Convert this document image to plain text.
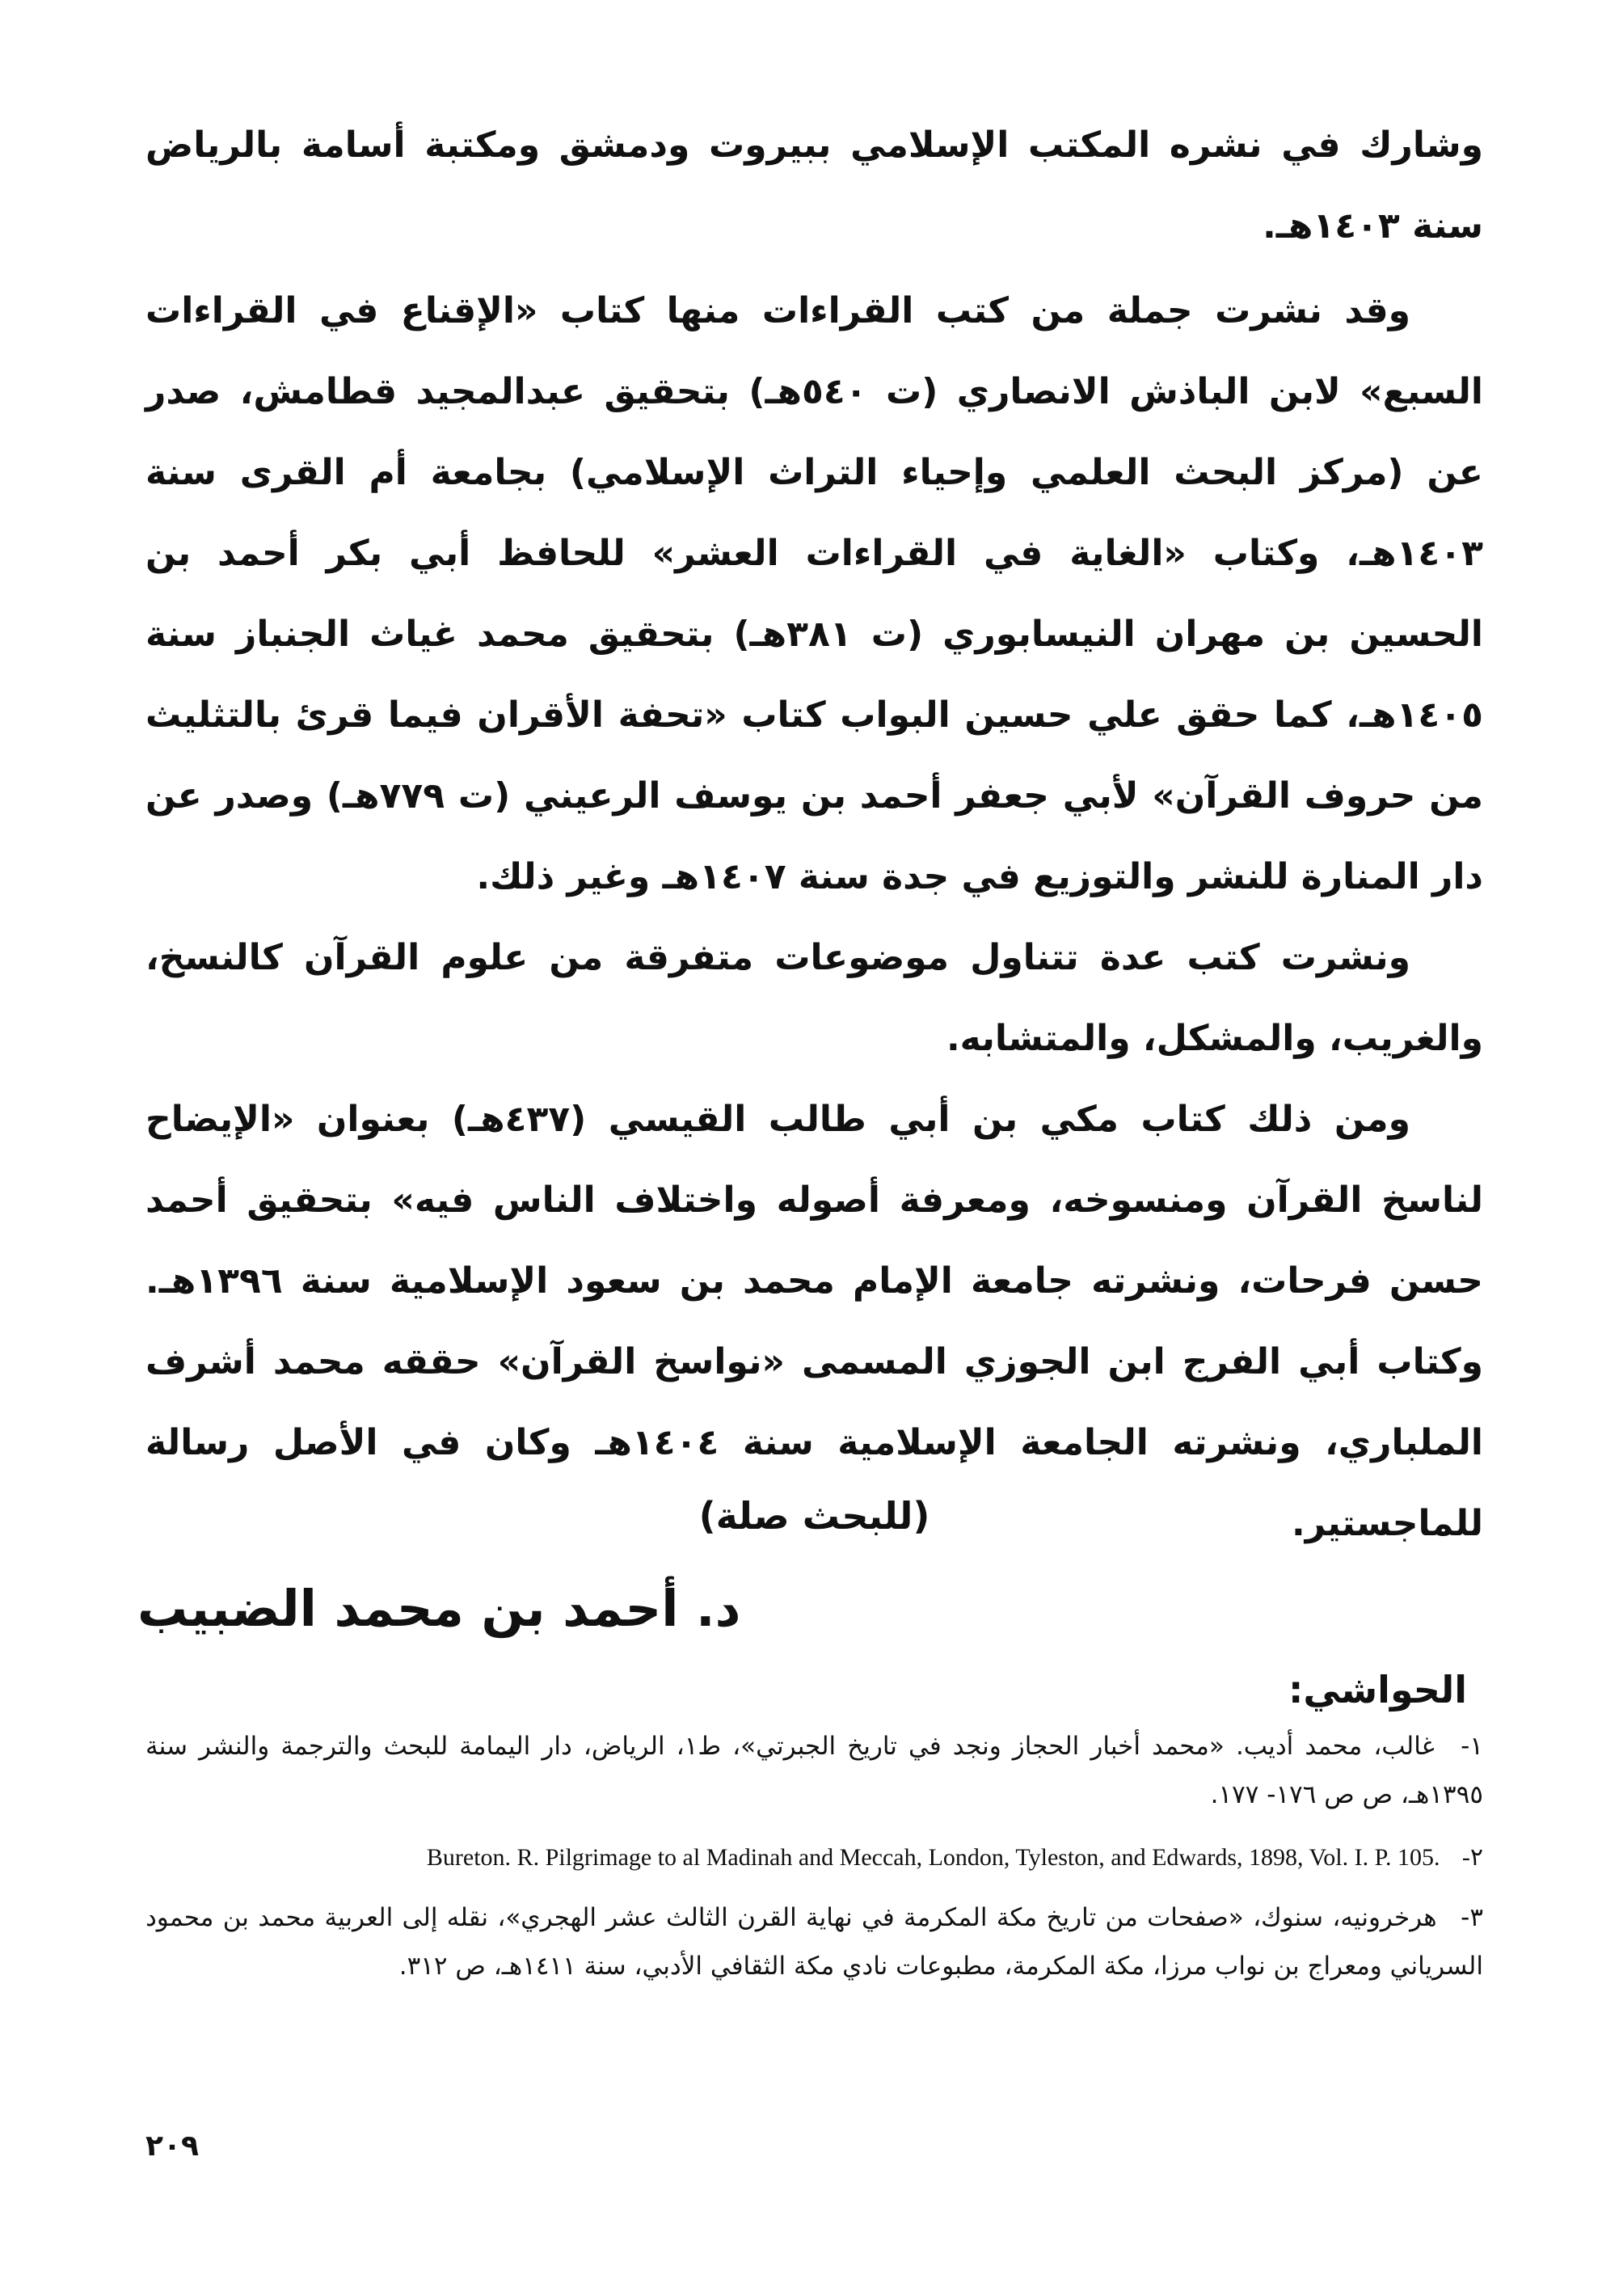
وشارك في نشره المكتب الإسلامي ببيروت ودمشق ومكتبة أسامة بالرياض سنة ١٤٠٣هـ.

وقد نشرت جملة من كتب القراءات منها كتاب «الإقناع في القراءات السبع» لابن الباذش الانصاري (ت ٥٤٠هـ) بتحقيق عبدالمجيد قطامش، صدر عن (مركز البحث العلمي وإحياء التراث الإسلامي) بجامعة أم القرى سنة ١٤٠٣هـ، وكتاب «الغاية في القراءات العشر» للحافظ أبي بكر أحمد بن الحسين بن مهران النيسابوري (ت ٣٨١هـ) بتحقيق محمد غياث الجنباز سنة ١٤٠٥هـ، كما حقق علي حسين البواب كتاب «تحفة الأقران فيما قرئ بالتثليث من حروف القرآن» لأبي جعفر أحمد بن يوسف الرعيني (ت ٧٧٩هـ) وصدر عن دار المنارة للنشر والتوزيع في جدة سنة ١٤٠٧هـ وغير ذلك.

ونشرت كتب عدة تتناول موضوعات متفرقة من علوم القرآن كالنسخ، والغريب، والمشكل، والمتشابه.

ومن ذلك كتاب مكي بن أبي طالب القيسي (٤٣٧هـ) بعنوان «الإيضاح لناسخ القرآن ومنسوخه، ومعرفة أصوله واختلاف الناس فيه» بتحقيق أحمد حسن فرحات، ونشرته جامعة الإمام محمد بن سعود الإسلامية سنة ١٣٩٦هـ. وكتاب أبي الفرج ابن الجوزي المسمى «نواسخ القرآن» حققه محمد أشرف الملباري، ونشرته الجامعة الإسلامية سنة ١٤٠٤هـ وكان في الأصل رسالة للماجستير.

(للبحث صلة)
د. أحمد بن محمد الضبيب
الحواشي:
١- غالب، محمد أديب. «محمد أخبار الحجاز ونجد في تاريخ الجبرتي»، ط١، الرياض، دار اليمامة للبحث والترجمة والنشر سنة ١٣٩٥هـ، ص ص ١٧٦- ١٧٧.
Bureton. R. Pilgrimage to al Madinah and Meccah, London, Tyleston, and Edwards, 1898, Vol. I. P. 105. -٢
٣- هرخرونيه، سنوك، «صفحات من تاريخ مكة المكرمة في نهاية القرن الثالث عشر الهجري»، نقله إلى العربية محمد بن محمود السرياني ومعراج بن نواب مرزا، مكة المكرمة، مطبوعات نادي مكة الثقافي الأدبي، سنة ١٤١١هـ، ص ٣١٢.
٢٠٩
